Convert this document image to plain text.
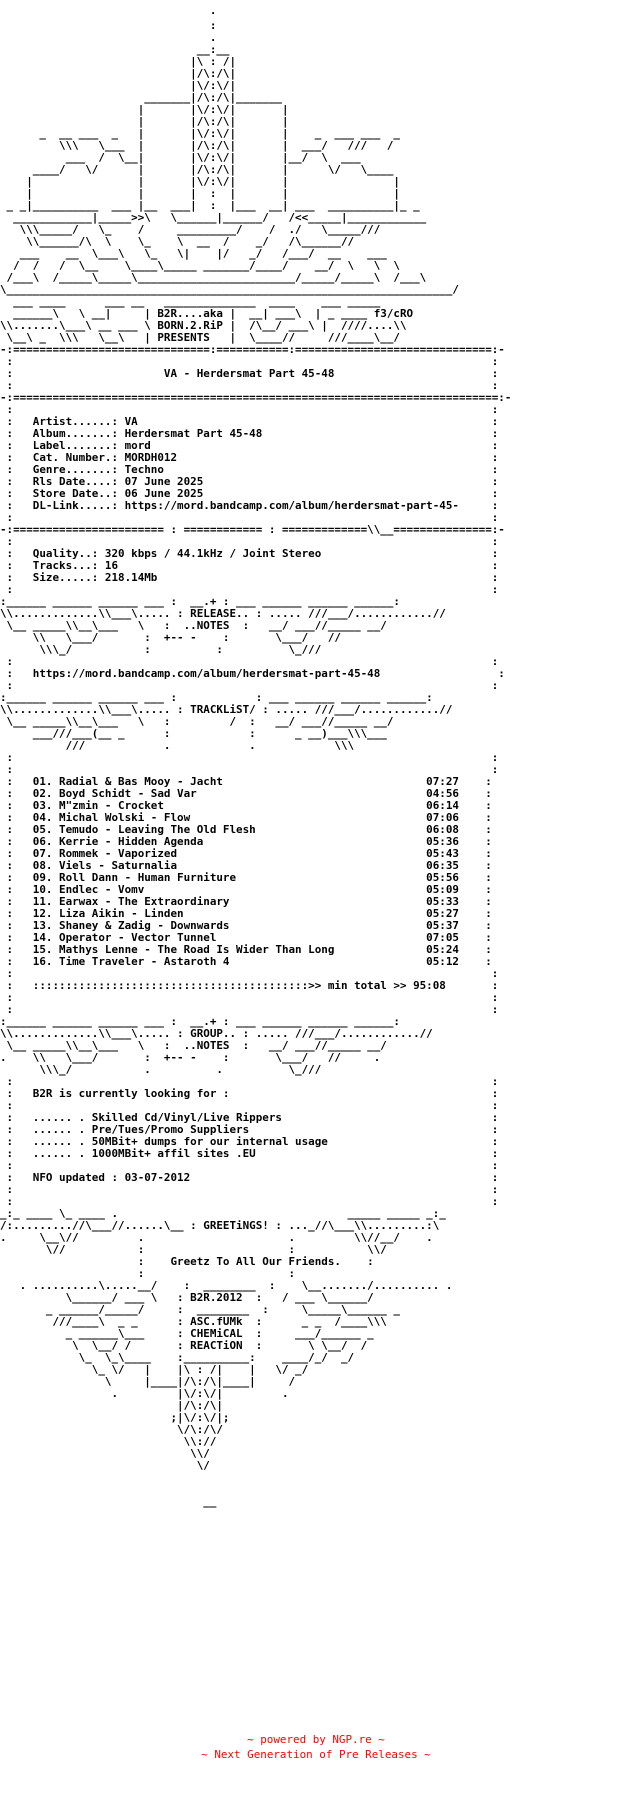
·
:
.
__:__
|\ : /|
|/\:/\|
|\/:\/|
_______|/\:/\|_______
|       |\/:\/|       |
|       |/\:/\|       |
_  __ ___  _   |       |\/:\/|       |    _  ___ ___  _
\\\   \___  |       |/\:/\|       |  ___/   ///   /
___  /  \__|       |\/:\/|       |__/  \  ___
____/   \/      |       |/\:/\|       |      \/   \____
|                |       |\/:\/|       |                |
|                |       |  :  |       |                |
_ _|__________  ___ |__  ___|  :  |___  __| ___  __________|_ _
____________|_____>>\   \______|______/   /<<_____|____________
\\\_____/   \_    /     _________/    /  ./   \_____///
\\______/\  \    \_    \  __  /    _/   /\______//
___    __  \___\   \_   \|    |/   _/   /___/  __    ___
/  /   /  \__    \____\_____ _______/____/    __/  \   \  \
/___\  /_____\_____\________________________/_____/_____\  /___\
\____________________________________________________________________/
___ ____      ___ __   ______________  ____    ___ _____
______\   \ __|     | B2R....aka |  __| ___\  | _ ____ f3/cRO
\\.......\___\ __ ___ \ BORN.2.RiP |  /\__/ ___\ |  ////....\\
\__\ _  \\\   \__\   | PRESENTS   |  \____//     ///____\__/
-:==============================:===========:==============================:-
:                                                                         :
:                       VA - Herdersmat Part 45-48                        :
:                                                                         :
-:==========================================================================:-
:                                                                         :
:   Artist......: VA                                                      :
:   Album.......: Herdersmat Part 45-48                                   :
:   Label.......: mord                                                    :
:   Cat. Number.: MORDH012                                                :
:   Genre.......: Techno                                                  :
:   Rls Date....: 07 June 2025                                            :
:   Store Date..: 06 June 2025                                            :
:   DL-Link.....: https://mord.bandcamp.com/album/herdersmat-part-45-     :
:                                                                         :
-:======================= : ============ : =============\\__===============:-
:                                                                         :
:   Quality..: 320 kbps / 44.1kHz / Joint Stereo                          :
:   Tracks...: 16                                                         :
:   Size.....: 218.14Mb                                                   :
:                                                                         :
:______ ______ ______ ___ :  __.+ : ___ ______ ______ ______:
\\.............\\___\..... : RELEASE.. : ..... ///___/............//
\__ _____\\__\___   \   :  ..NOTES  :   __/ ___//_____ __/
\\   \___/       :  +-- -    :       \___/   //
\\\_/           :          :          \_///
:                                                                         :
:   https://mord.bandcamp.com/album/herdersmat-part-45-48                  :
:                                                                         :
:______ ______ ______ ___ :            : ___ ______ ______ ______:
\\.............\\___\..... : TRACKLiST/ : ..... ///___/............//
\__ _____\\__\___   \   :         /  :   __/ ___//_____ __/
___///___(__ _      :            :      _ __)___\\\___
///            .            .            \\\
:                                                                         :
:                                                                         :
:   01. Radial & Bas Mooy - Jacht                               07:27    :
:   02. Boyd Schidt - Sad Var                                   04:56    :
:   03. M"zmin - Crocket                                        06:14    :
:   04. Michal Wolski - Flow                                    07:06    :
:   05. Temudo - Leaving The Old Flesh                          06:08    :
:   06. Kerrie - Hidden Agenda                                  05:36    :
:   07. Rommek - Vaporized                                      05:43    :
:   08. Viels - Saturnalia                                      06:35    :
:   09. Roll Dann - Human Furniture                             05:56    :
:   10. Endlec - Vomv                                           05:09    :
:   11. Earwax - The Extraordinary                              05:33    :
:   12. Liza Aikin - Linden                                     05:27    :
:   13. Shaney & Zadig - Downwards                              05:37    :
:   14. Operator - Vector Tunnel                                07:05    :
:   15. Mathys Lenne - The Road Is Wider Than Long              05:24    :
:   16. Time Traveler - Astaroth 4                              05:12    :
:                                                                         :
:   ::::::::::::::::::::::::::::::::::::::::::>> min total >> 95:08       :
:                                                                         :
:                                                                         :
:______ ______ ______ ___ :  __.+ : ___ ______ ______ ______:
\\.............\\___\..... : GROUP.. : ..... ///___/............//
\__ _____\\__\___   \   :  ..NOTES  :   __/ ___//_____ __/
.    \\   \___/       :  +-- -    :       \___/   //     .
\\\_/           .          .          \_///
:                                                                         :
:   B2R is currently looking for :                                        :
:                                                                         :
:   ...... . Skilled Cd/Vinyl/Live Rippers                                :
:   ...... . Pre/Tues/Promo Suppliers                                     :
:   ...... . 50MBit+ dumps for our internal usage                         :
:   ...... . 1000MBit+ affil sites .EU                                    :
:                                                                         :
:   NFO updated : 03-07-2012                                              :
:                                                                         :
:                                                                         :
_:_ ____ \_ ____ .                                   _____ _____ _:_
/:.........//\___//......\__ : GREETiNGS! : ..._//\___\\.........:\
.     \__\//         .                      .         \\//__/    .
\//           :                      :           \\/
:    Greetz To All Our Friends.    :
:                      :
. ..........\.....__/    :  ________  :    \__......./.......... .
\______/ ___ \   : B2R.2012  :   / ___ \______/
_ ______/_____/     :  ________  :     \_____\______ _
///____\  _ _      : ASC.fUMk  :      _ _  /____\\\
_ ______\___     : CHEMiCAL  :     ___/______ _
\  \__/ /       : REACTiON  :       \ \__/  /
\_  \_\____    :__________:    ____/_/  _/
\_ \/   |    |\ : /|    |   \/ _/
\     |____|/\:/\|____|     /
.         |\/:\/|         .
|/\:/\|
;|\/:\/|;
\/\:/\/
\\://
\\/
\/

__
~ powered by NGP.re ~
~ Next Generation of Pre Releases ~
